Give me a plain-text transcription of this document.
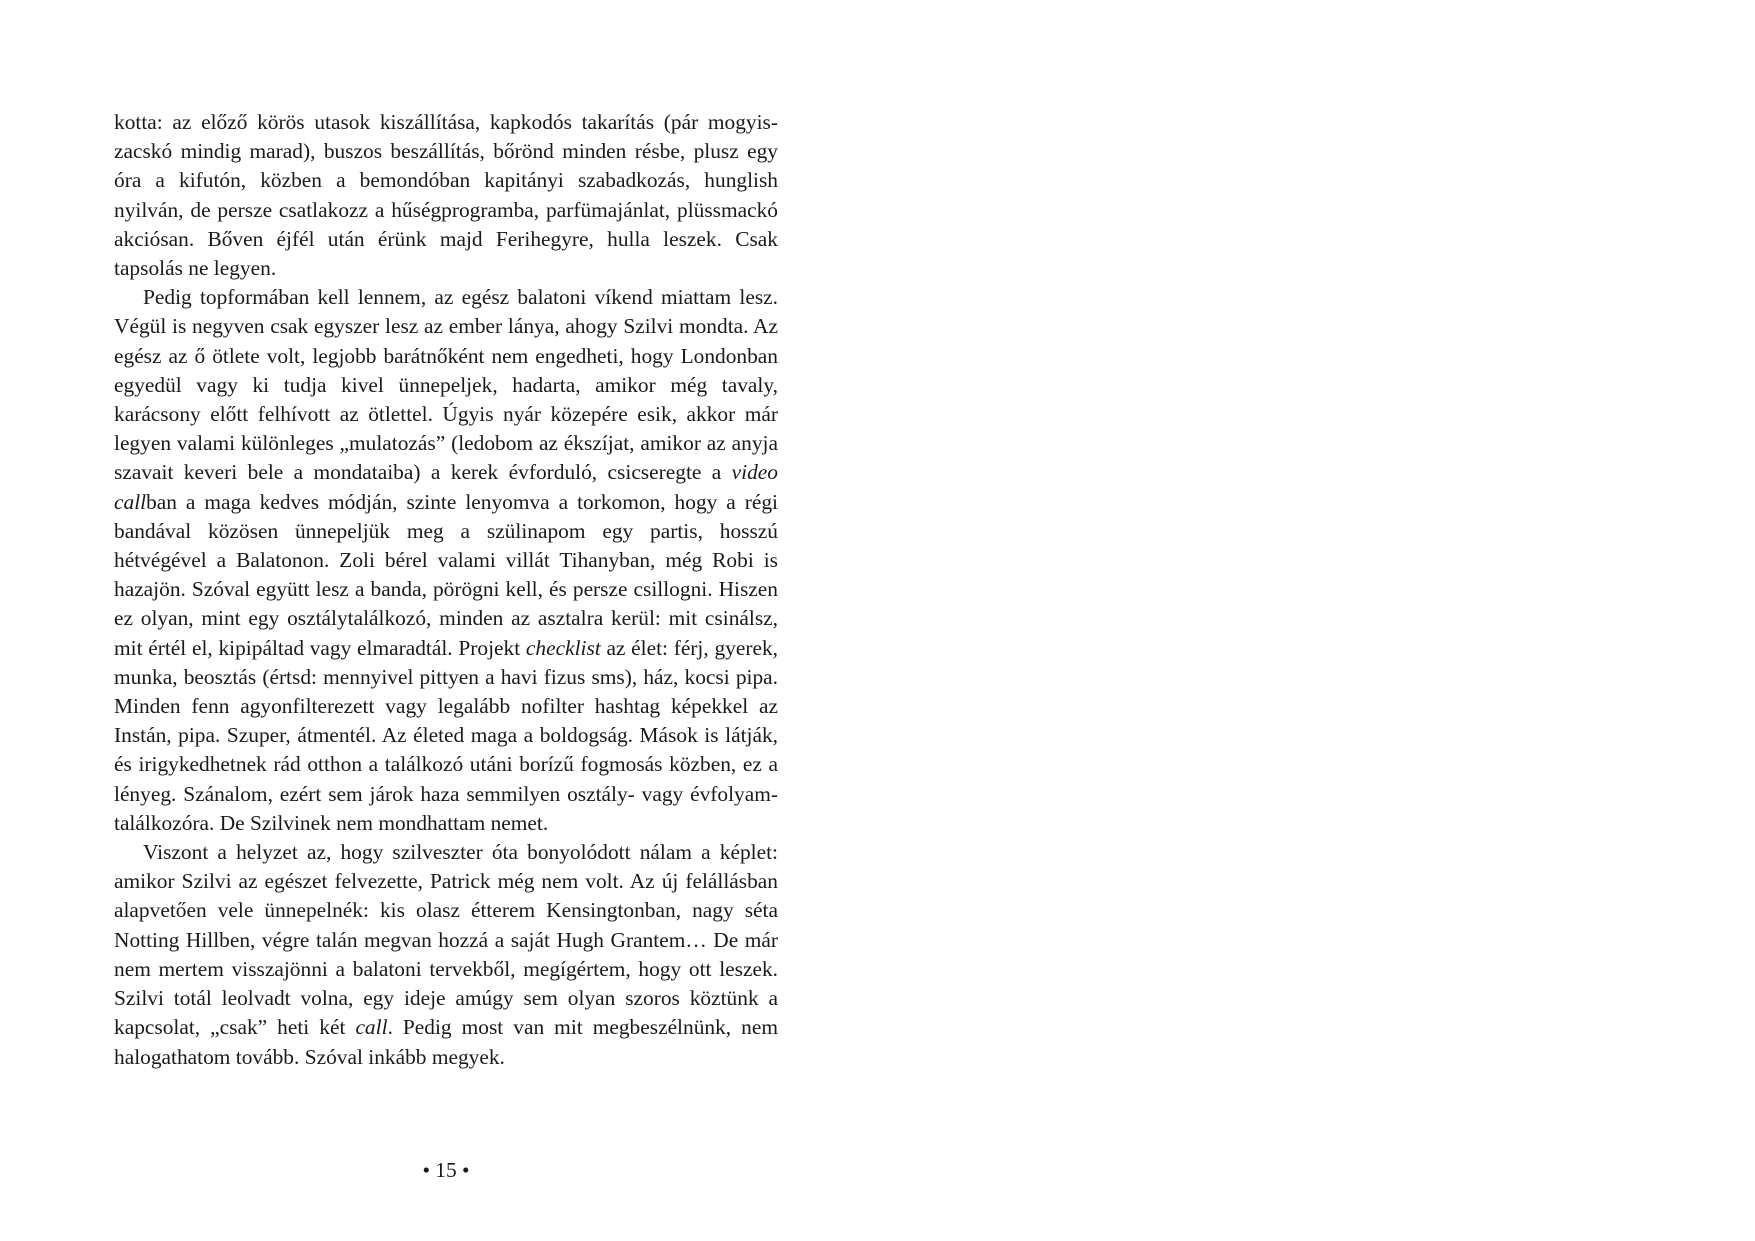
kotta: az előző körös utasok kiszállítása, kapkodós takarítás (pár mogyiszacskó mindig marad), buszos beszállítás, bőrönd minden résbe, plusz egy óra a kifutón, közben a bemondóban kapitányi szabadkozás, hunglish nyilván, de persze csatlakozz a hűségprogramba, parfümajánlat, plüssmackó akciósan. Bőven éjfél után érünk majd Ferihegyre, hulla leszek. Csak tapsolás ne legyen.

Pedig topformában kell lennem, az egész balatoni víkend miattam lesz. Végül is negyven csak egyszer lesz az ember lánya, ahogy Szilvi mondta. Az egész az ő ötlete volt, legjobb barátnőként nem engedheti, hogy Londonban egyedül vagy ki tudja kivel ünnepeljek, hadarta, amikor még tavaly, karácsony előtt felhívott az ötlettel. Úgyis nyár közepére esik, akkor már legyen valami különleges „mulatozás” (ledobom az ékszíjat, amikor az anyja szavait keveri bele a mondataiba) a kerek évforduló, csicseregte a video callban a maga kedves módján, szinte lenyomva a torkomon, hogy a régi bandával közösen ünnepeljük meg a szülinapom egy partis, hosszú hétvégével a Balatonon. Zoli bérel valami villát Tihanyban, még Robi is hazajön. Szóval együtt lesz a banda, pörögni kell, és persze csillogni. Hiszen ez olyan, mint egy osztálytalálkozó, minden az asztalra kerül: mit csinálsz, mit értél el, kipipáltad vagy elmaradtál. Projekt checklist az élet: férj, gyerek, munka, beosztás (értsd: mennyivel pittyen a havi fizus sms), ház, kocsi pipa. Minden fenn agyonfilterezett vagy legalább nofilter hashtag képekkel az Instán, pipa. Szuper, átmentél. Az életed maga a boldogság. Mások is látják, és irigykedhetnek rád otthon a találkozó utáni borízű fogmosás közben, ez a lényeg. Szánalom, ezért sem járok haza semmilyen osztály- vagy évfolyam-találkozóra. De Szilvinek nem mondhattam nemet.

Viszont a helyzet az, hogy szilveszter óta bonyolódott nálam a képlet: amikor Szilvi az egészet felvezette, Patrick még nem volt. Az új felállásban alapvetően vele ünnepelnék: kis olasz étterem Kensingtonban, nagy séta Notting Hillben, végre talán megvan hozzá a saját Hugh Grantem… De már nem mertem visszajönni a balatoni tervekből, megígértem, hogy ott leszek. Szilvi totál leolvadt volna, egy ideje amúgy sem olyan szoros köztünk a kapcsolat, „csak” heti két call. Pedig most van mit megbeszélnünk, nem halogathatom tovább. Szóval inkább megyek.

• 15 •
